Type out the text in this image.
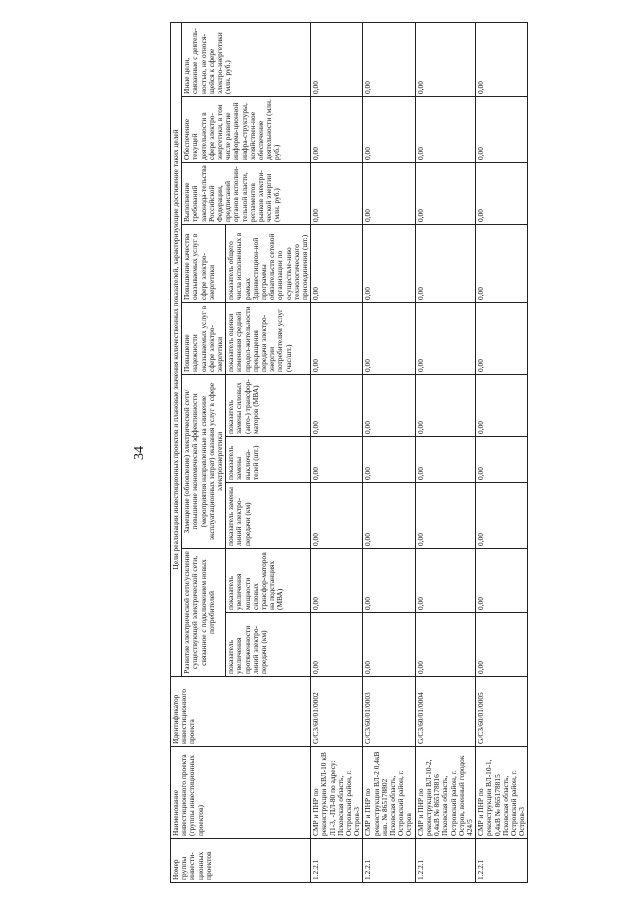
34
Номер группы инвести-ционных проектов	Наименование инвестиционного проекта (группы инвестиционных проектов)	Идентификатор инвестиционного проекта	Цели реализации инвестиционных проектов и плановые значения количественных показателей, характеризующие достижение таких целей									
			Развитие электрической сети/усиление существующей электрической сети, связанное с подключением новых потребителей		Замещение (обновление) электрической сети/повышение экономической эффективности (мероприятия направленные на снижение эксплуатационных затрат) оказания услуг в сфере электроэнергетики			Повышение надежности оказываемых услуг в сфере электро-энергетики	Повышение качества оказываемых услуг в сфере электро-энергетики	Выполнение требований законода-тельства Российской Федерации, предписаний органов исполни-тельной власти, регламентов рынков электри-ческой энергии (млн. руб.)	Обеспечение текущей деятельности в сфере электро-энергетики, в том числе развитие информа-ционной инфра-структуры, хозяйствен-ное обеспечение деятельности (млн. руб.)	Иные цели, связанные с деятель-ностью, не относя-щейся к сфере электро-энергетики (млн. руб.)
			показатель увеличения протяженности линий электро-передачи (км)	показатель увеличения мощности силовых трансфор-маторов на подстанциях (МВА)	показатель замены линий электро-передачи (км)	показатель замены выключа-телей (шт.)	показатель замены силовых (авто-) трансфор-маторов (МВА)	показатель оценки изменения средней продол-жительности прекращения передачи электро-энергии потребителям услуг (час/шт.)	показатель общего числа исполненных в рамках Здинвестицион-ной программы обязательств сетевой организации по осуществле-нию технологического присоединения (шт.)			
1.2.2.1	СМР и ПНР по реконструкции КВЛ-10 кВ Л1-3, -ПЛ-80 по адресу: Псковская область, Островский район, г. Остров-3	G/С3/60/01/0002	0,00	0,00	0,00	0,00	0,00	0,00	0,00	0,00	0,00	0,00
1.2.2.1	СМР и ПНР по реконструкции ВЛ-2 0,4кВ инв. № 865178802 Псковская область, Островский район, г. Остров	G/С3/60/01/0003	0,00	0,00	0,00	0,00	0,00	0,00	0,00	0,00	0,00	0,00
1.2.2.1	СМР и ПНР по реконструкции ВЛ-10-2, 0,4кВ № 865178816 Псковская область, Островский район, г. Остров, военный городок 424/5	G/С3/60/01/0004	0,00	0,00	0,00	0,00	0,00	0,00	0,00	0,00	0,00	0,00
1.2.2.1	СМР и ПНР по реконструкции ВЛ-10-1, 0,4кВ № 865178815 Псковская область, Островский район, г. Остров-3	G/С3/60/01/0005	0,00	0,00	0,00	0,00	0,00	0,00	0,00	0,00	0,00	0,00
